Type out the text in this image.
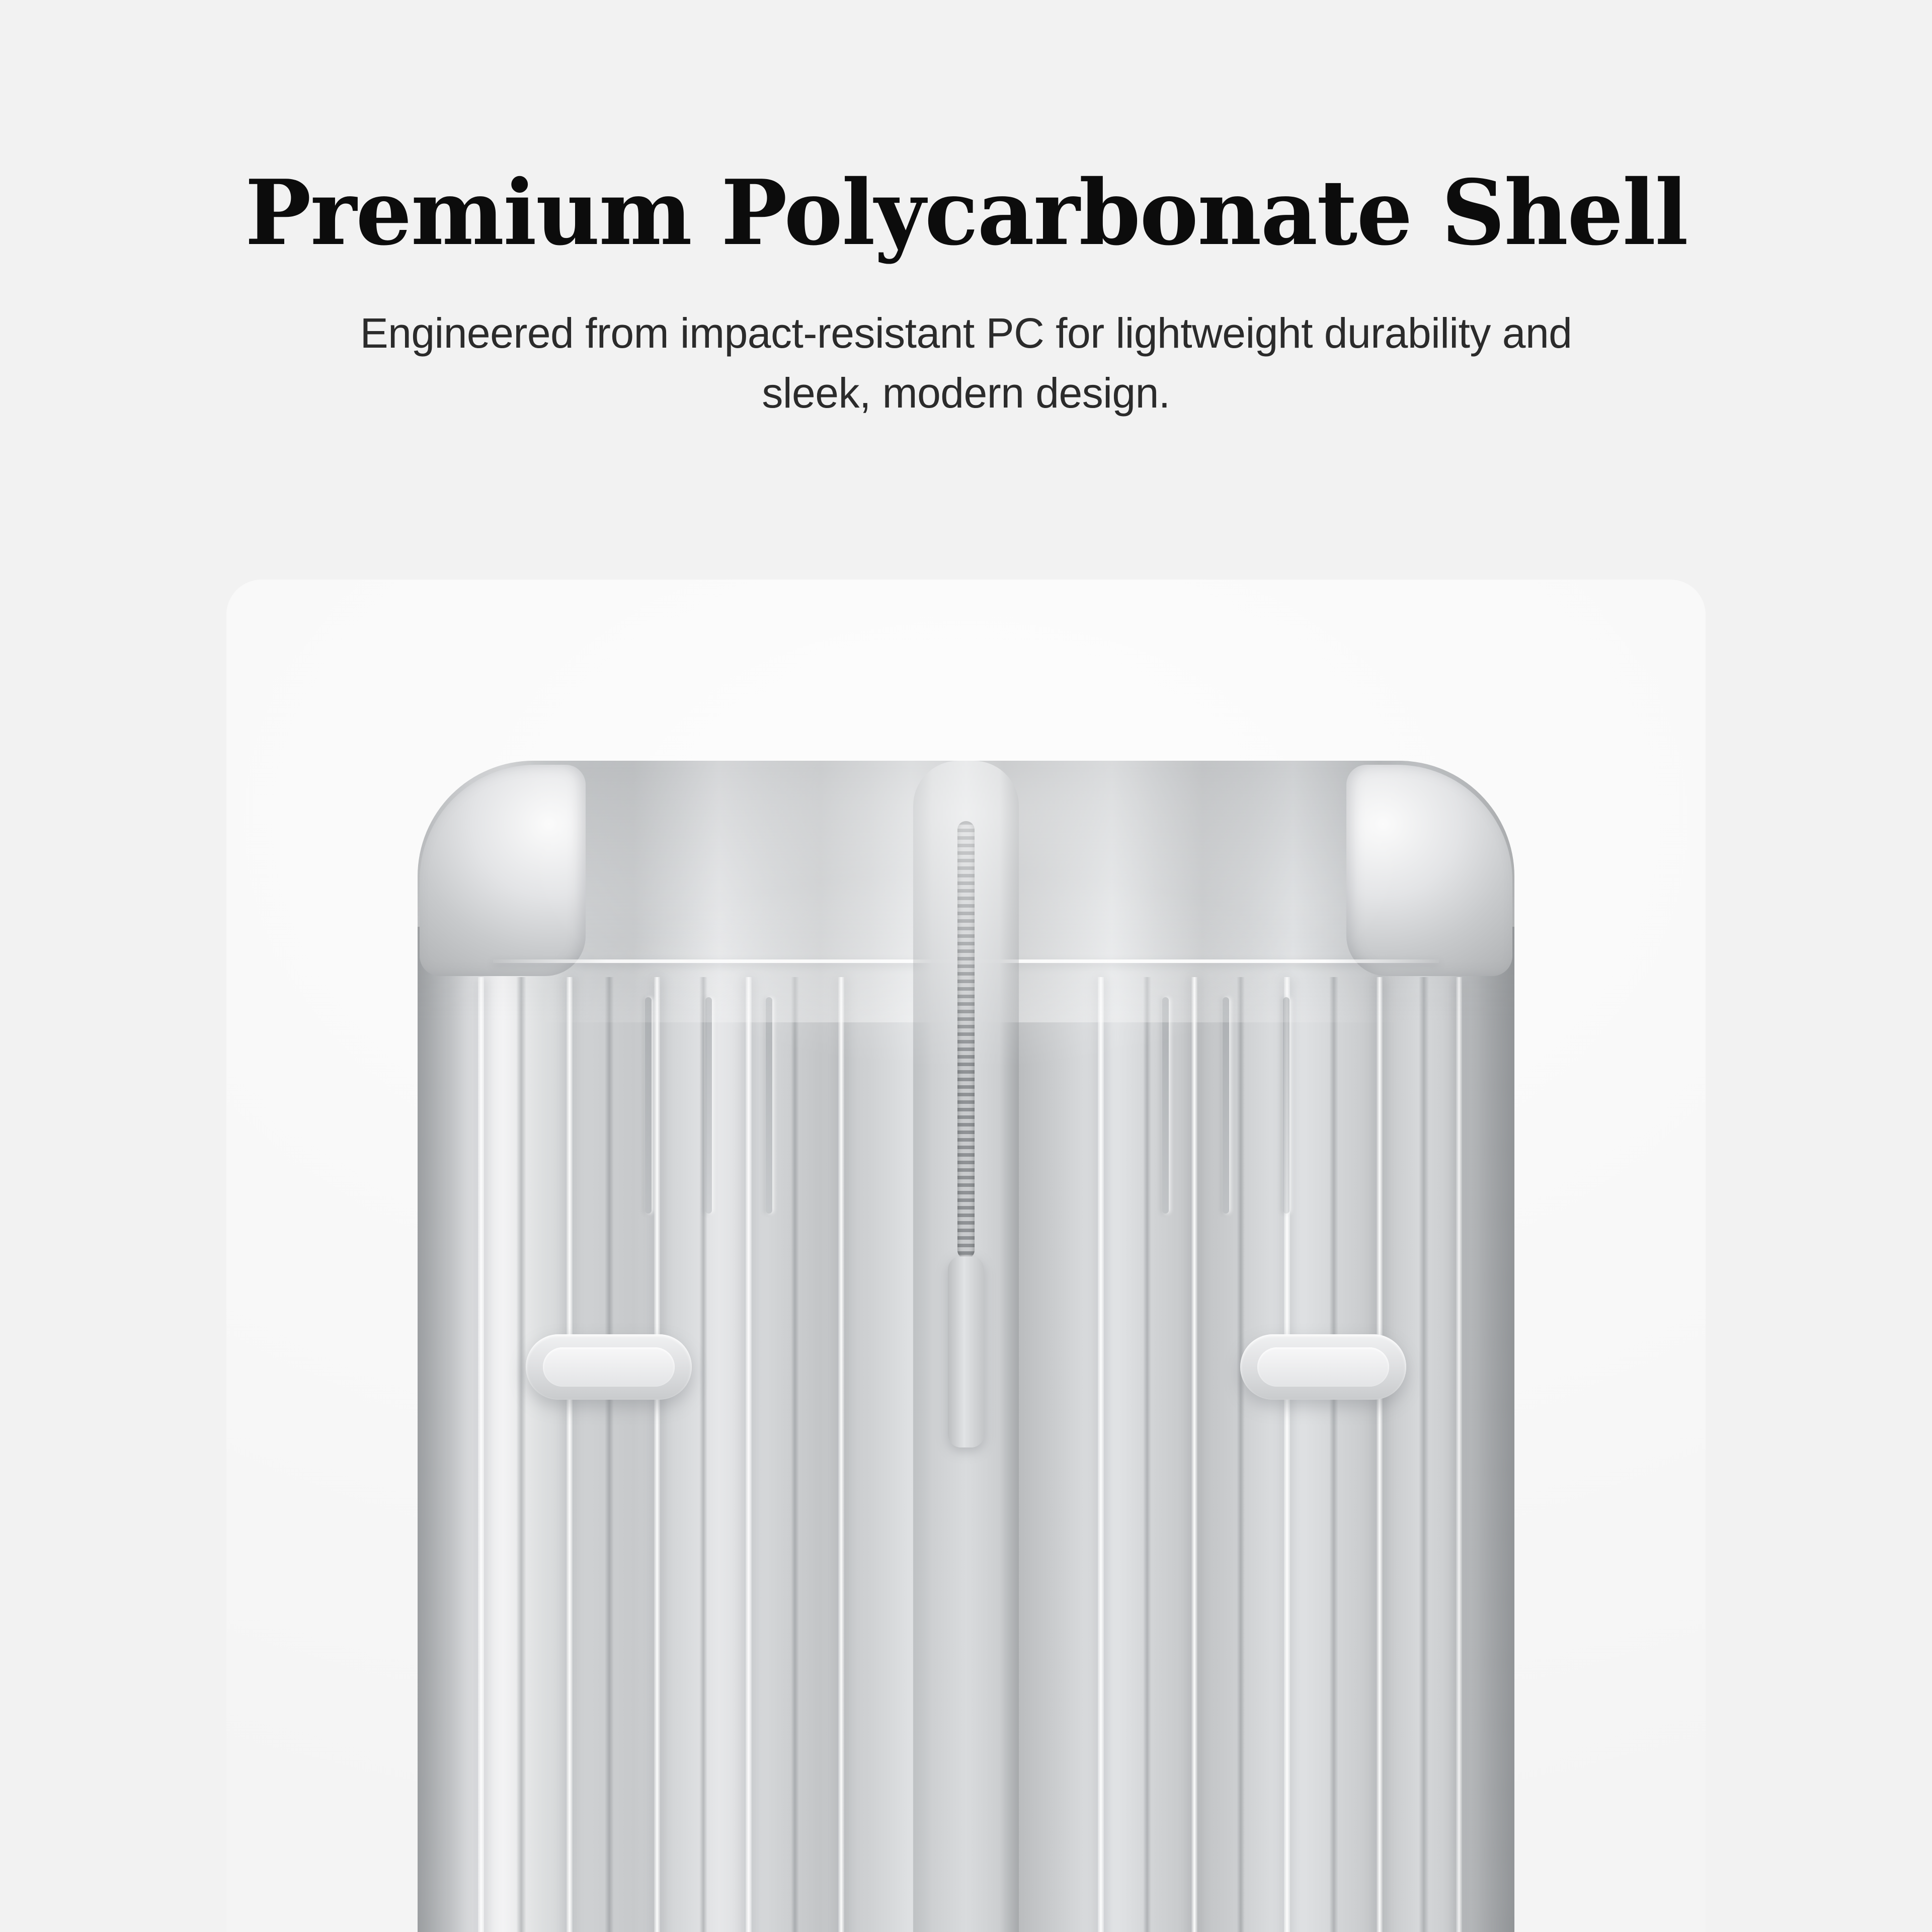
Premium Polycarbonate Shell

Engineered from impact-resistant PC for lightweight durability and sleek, modern design.
